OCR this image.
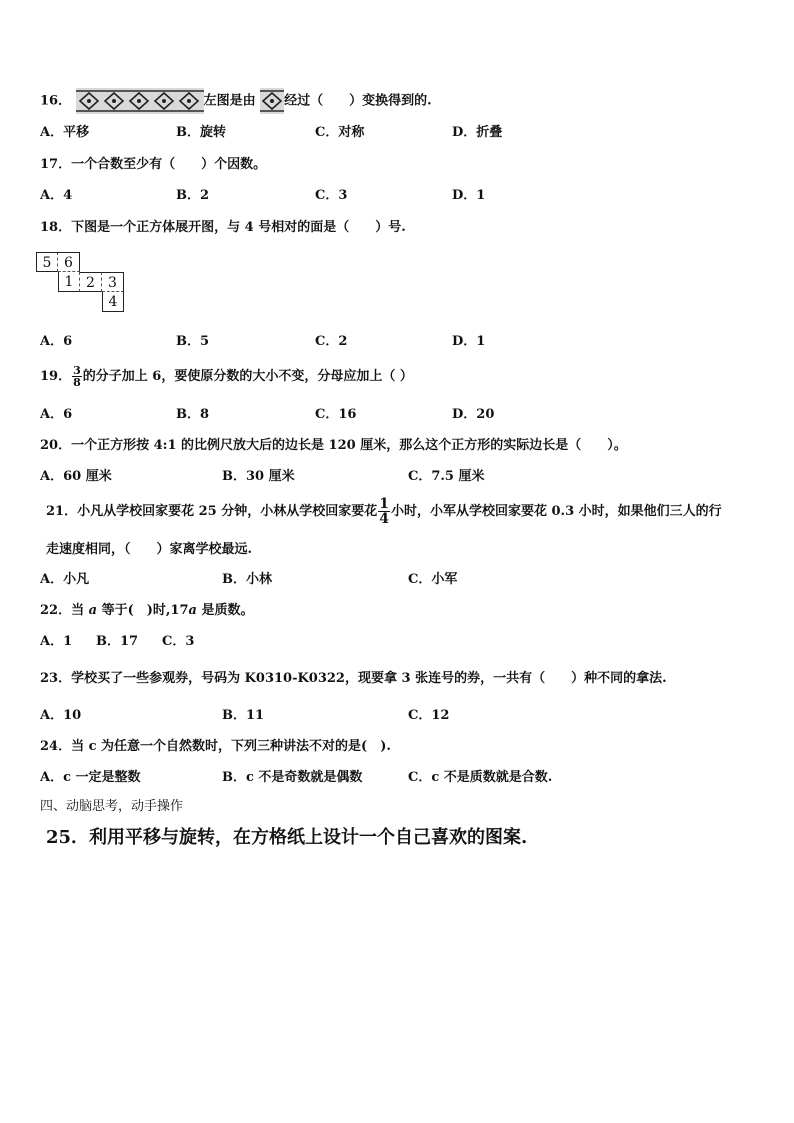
16．	左图是由 经过（　　）变换得到的.
A．平移	B．旋转	C．对称	D．折叠
17．一个合数至少有（　　）个因数。
A．4	B．2	C．3	D．1
18．下图是一个正方体展开图，与 4 号相对的面是（　　）号.
5 6
1 2 3
4
A．6	B．5	C．2	D．1
19． $\frac{3}{8}$ 的分子加上 6，要使原分数的大小不变，分母应加上（ ）
A．6	B．8	C．16	D．20
20．一个正方形按 4:1 的比例尺放大后的边长是 120 厘米，那么这个正方形的实际边长是（　　）。
A．60 厘米	B．30 厘米	C．7.5 厘米
21．小凡从学校回家要花 25 分钟，小林从学校回家要花 $\frac{1}{4}$ 小时，小军从学校回家要花 0.3 小时，如果他们三人的行
走速度相同，（　　）家离学校最远.
A．小凡	B．小林	C．小军
22．当 a 等于(　)时,17a 是质数。
A．1 B．17 C．3
23．学校买了一些参观券，号码为 K0310-K0322，现要拿 3 张连号的券，一共有（　　）种不同的拿法.
A．10	B．11	C．12
24．当 c 为任意一个自然数时，下列三种讲法不对的是(　).
A．c 一定是整数	B．c 不是奇数就是偶数	C．c 不是质数就是合数.
四、动脑思考，动手操作
25．利用平移与旋转，在方格纸上设计一个自己喜欢的图案.
